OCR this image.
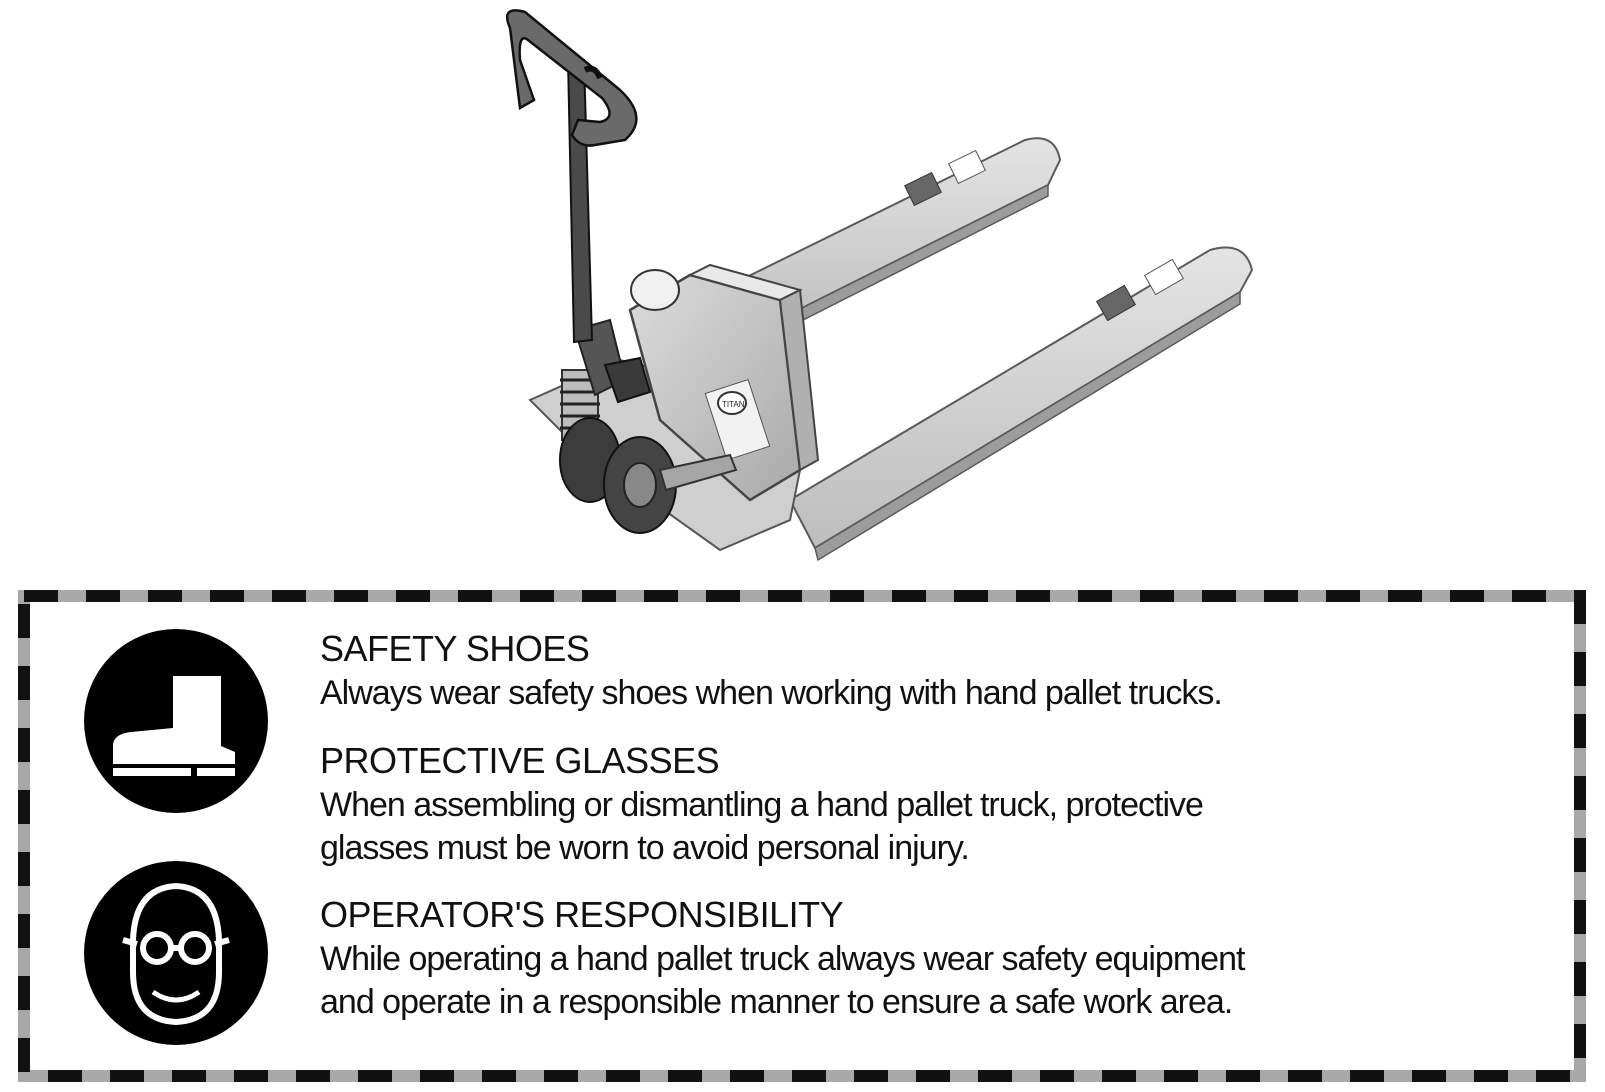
TITAN

SAFETY SHOES

Always wear safety shoes when working with hand pallet trucks.

PROTECTIVE GLASSES

When assembling or dismantling a hand pallet truck, protective

glasses must be worn to avoid personal injury.

OPERATOR'S RESPONSIBILITY

While operating a hand pallet truck always wear safety equipment

and operate in a responsible manner to ensure a safe work area.
